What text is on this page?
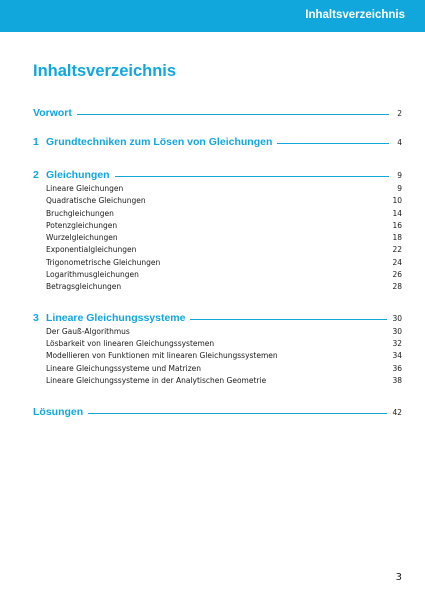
Inhaltsverzeichnis
Inhaltsverzeichnis
Vorwort	2
1 Grundtechniken zum Lösen von Gleichungen	4
2 Gleichungen	9
Lineare Gleichungen	9
Quadratische Gleichungen	10
Bruchgleichungen	14
Potenzgleichungen	16
Wurzelgleichungen	18
Exponentialgleichungen	22
Trigonometrische Gleichungen	24
Logarithmusgleichungen	26
Betragsgleichungen	28
3 Lineare Gleichungssysteme	30
Der Gauß-Algorithmus	30
Lösbarkeit von linearen Gleichungssystemen	32
Modellieren von Funktionen mit linearen Gleichungssystemen	34
Lineare Gleichungssysteme und Matrizen	36
Lineare Gleichungssysteme in der Analytischen Geometrie	38
Lösungen	42
3
